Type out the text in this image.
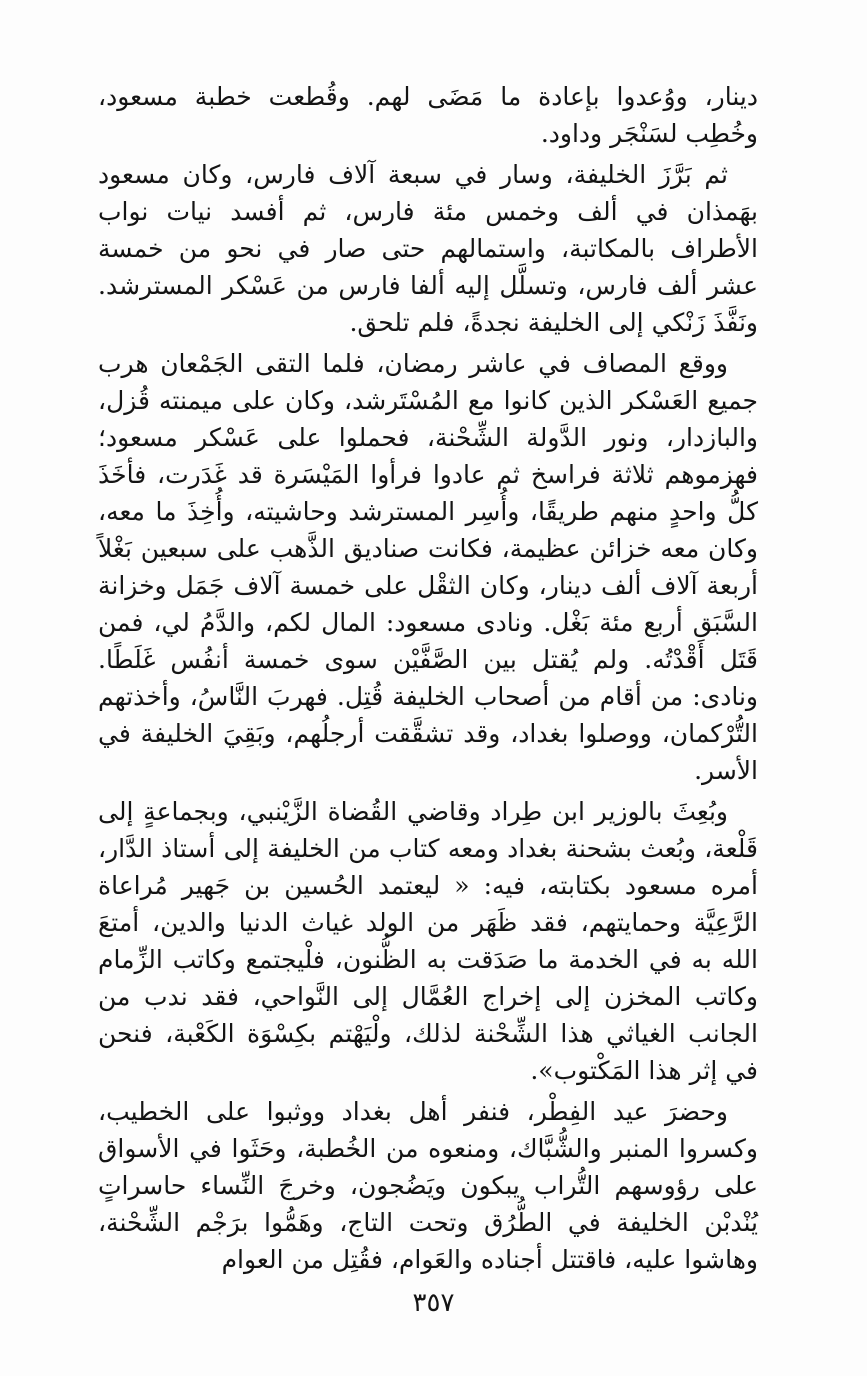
دينار، ووُعدوا بإعادة ما مَضَى لهم. وقُطعت خطبة مسعود، وخُطِب لسَنْجَر وداود.

ثم بَرَّزَ الخليفة، وسار في سبعة آلاف فارس، وكان مسعود بهَمذان في ألف وخمس مئة فارس، ثم أفسد نيات نواب الأطراف بالمكاتبة، واستمالهم حتى صار في نحو من خمسة عشر ألف فارس، وتسلَّل إليه ألفا فارس من عَسْكر المسترشد. ونَفَّذَ زَنْكي إلى الخليفة نجدةً، فلم تلحق.

ووقع المصاف في عاشر رمضان، فلما التقى الجَمْعان هرب جميع العَسْكر الذين كانوا مع المُسْتَرشد، وكان على ميمنته قُزل، والبازدار، ونور الدَّولة الشِّحْنة، فحملوا على عَسْكر مسعود؛ فهزموهم ثلاثة فراسخ ثم عادوا فرأوا المَيْسَرة قد غَدَرت، فأخَذَ كلُّ واحدٍ منهم طريقًا، وأُسِر المسترشد وحاشيته، وأُخِذَ ما معه، وكان معه خزائن عظيمة، فكانت صناديق الذَّهب على سبعين بَغْلاً أربعة آلاف ألف دينار، وكان الثقْل على خمسة آلاف جَمَل وخزانة السَّبَق أربع مئة بَغْل. ونادى مسعود: المال لكم، والدَّمُ لي، فمن قَتَل أَقْدْتُه. ولم يُقتل بين الصَّفَّيْن سوى خمسة أنفُس غَلَطًا. ونادى: من أقام من أصحاب الخليفة قُتِل. فهربَ النَّاسُ، وأخذتهم التُّرْكمان، ووصلوا بغداد، وقد تشقَّقت أرجلُهم، وبَقِيَ الخليفة في الأسر.

وبُعِثَ بالوزير ابن طِراد وقاضي القُضاة الزَّيْنبي، وبجماعةٍ إلى قَلْعة، وبُعث بشحنة بغداد ومعه كتاب من الخليفة إلى أستاذ الدَّار، أمره مسعود بكتابته، فيه: « ليعتمد الحُسين بن جَهير مُراعاة الرَّعِيَّة وحمايتهم، فقد ظَهَر من الولد غياث الدنيا والدين، أمتعَ الله به في الخدمة ما صَدَقت به الظُّنون، فلْيجتمع وكاتب الزِّمام وكاتب المخزن إلى إخراج العُمَّال إلى النَّواحي، فقد ندب من الجانب الغياثي هذا الشِّحْنة لذلك، ولْيَهْتم بكِسْوَة الكَعْبة، فنحن في إثر هذا المَكْتوب».

وحضرَ عيد الفِطْر، فنفر أهل بغداد ووثبوا على الخطيب، وكسروا المنبر والشُّبَّاك، ومنعوه من الخُطبة، وحَثَوا في الأسواق على رؤوسهم التُّراب يبكون ويَضُجون، وخرجَ النِّساء حاسراتٍ يُنْدبْن الخليفة في الطُّرُق وتحت التاج، وهَمُّوا برَجْم الشِّحْنة، وهاشوا عليه، فاقتتل أجناده والعَوام، فقُتِل من العوام

٣٥٧
